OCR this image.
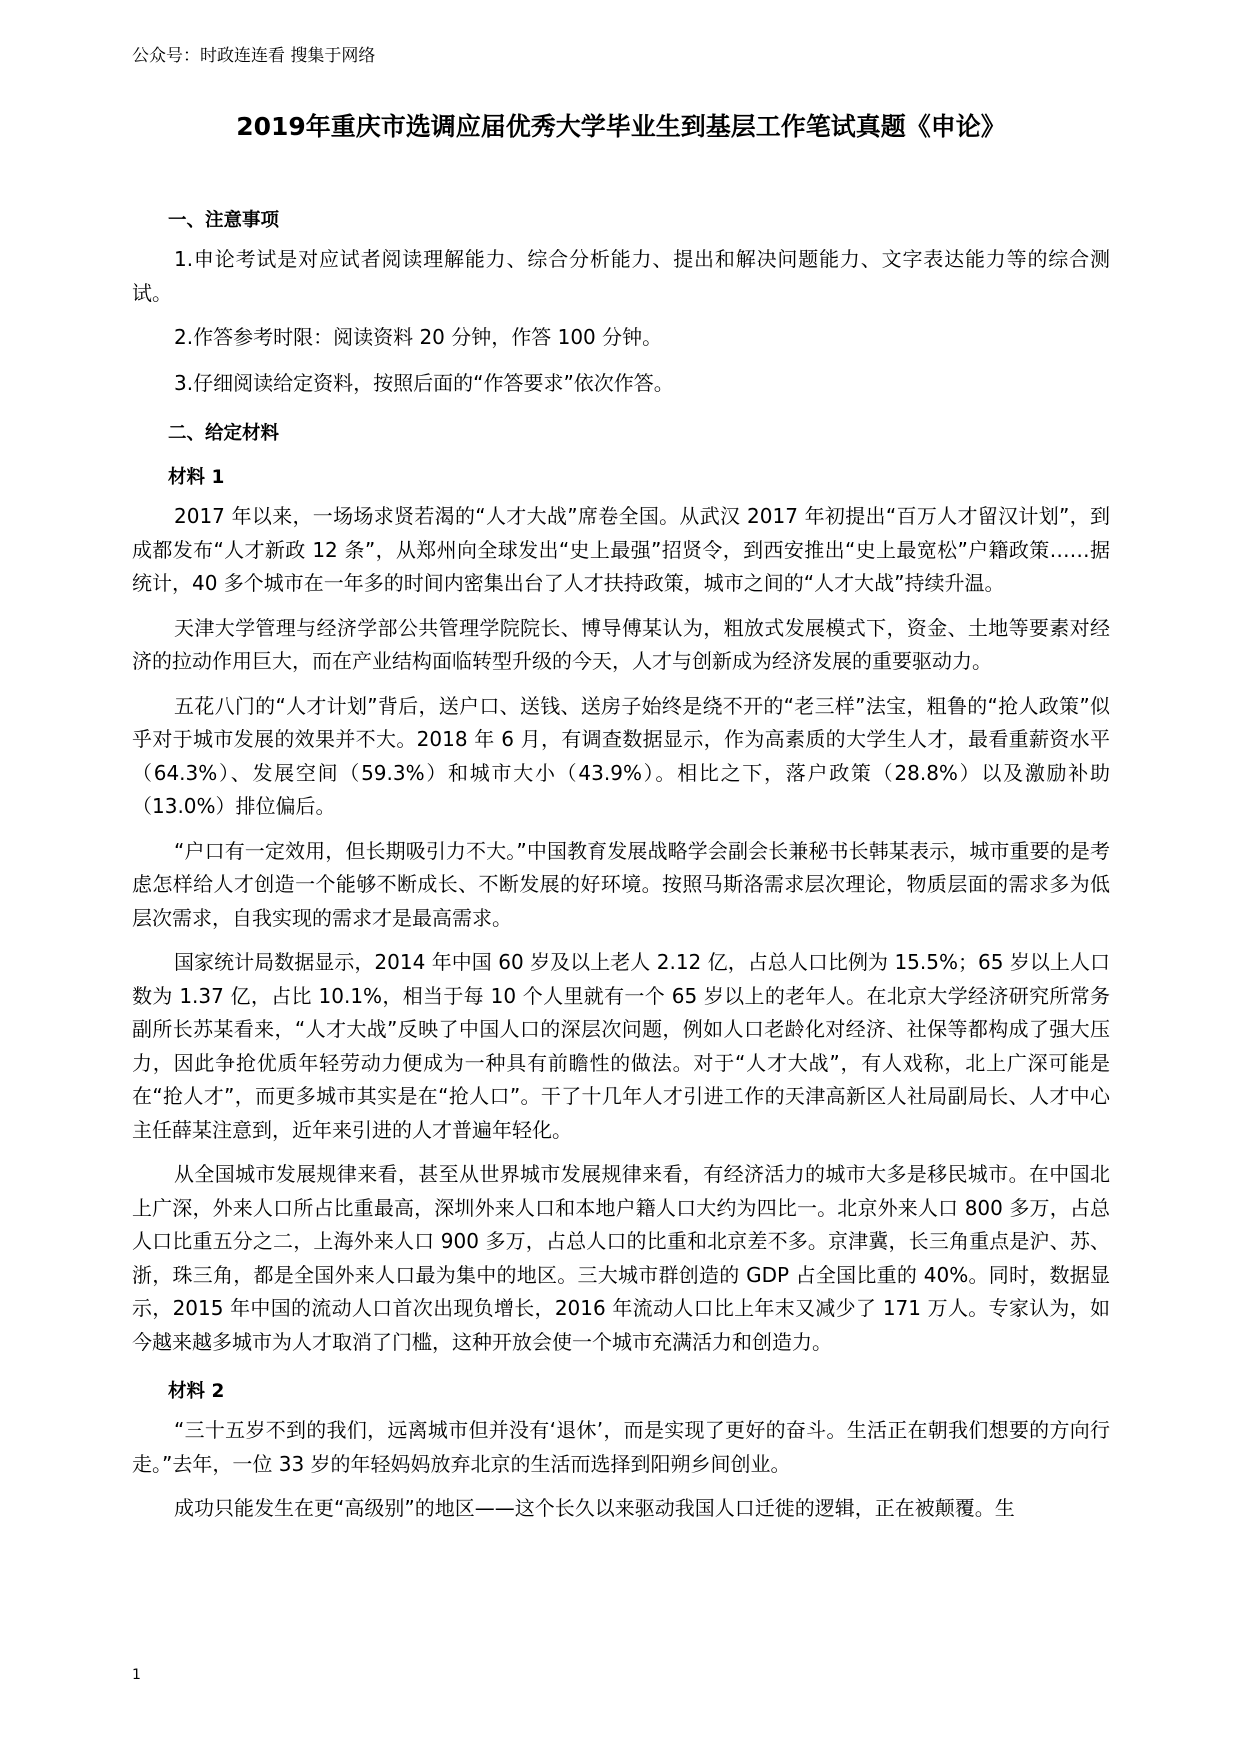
公众号：时政连连看 搜集于网络
2019年重庆市选调应届优秀大学毕业生到基层工作笔试真题《申论》
一、注意事项

1.申论考试是对应试者阅读理解能力、综合分析能力、提出和解决问题能力、文字表达能力等的综合测试。

2.作答参考时限：阅读资料 20 分钟，作答 100 分钟。

3.仔细阅读给定资料，按照后面的“作答要求”依次作答。

二、给定材料
材料 1

2017 年以来，一场场求贤若渴的“人才大战”席卷全国。从武汉 2017 年初提出“百万人才留汉计划”，到成都发布“人才新政 12 条”，从郑州向全球发出“史上最强”招贤令，到西安推出“史上最宽松”户籍政策……据统计，40 多个城市在一年多的时间内密集出台了人才扶持政策，城市之间的“人才大战”持续升温。

天津大学管理与经济学部公共管理学院院长、博导傅某认为，粗放式发展模式下，资金、土地等要素对经济的拉动作用巨大，而在产业结构面临转型升级的今天，人才与创新成为经济发展的重要驱动力。

五花八门的“人才计划”背后，送户口、送钱、送房子始终是绕不开的“老三样”法宝，粗鲁的“抢人政策”似乎对于城市发展的效果并不大。2018 年 6 月，有调查数据显示，作为高素质的大学生人才，最看重薪资水平（64.3%）、发展空间（59.3%）和城市大小（43.9%）。相比之下，落户政策（28.8%）以及激励补助（13.0%）排位偏后。

“户口有一定效用，但长期吸引力不大。”中国教育发展战略学会副会长兼秘书长韩某表示，城市重要的是考虑怎样给人才创造一个能够不断成长、不断发展的好环境。按照马斯洛需求层次理论，物质层面的需求多为低层次需求，自我实现的需求才是最高需求。

国家统计局数据显示，2014 年中国 60 岁及以上老人 2.12 亿，占总人口比例为 15.5%；65 岁以上人口数为 1.37 亿，占比 10.1%，相当于每 10 个人里就有一个 65 岁以上的老年人。在北京大学经济研究所常务副所长苏某看来，“人才大战”反映了中国人口的深层次问题，例如人口老龄化对经济、社保等都构成了强大压力，因此争抢优质年轻劳动力便成为一种具有前瞻性的做法。对于“人才大战”，有人戏称，北上广深可能是在“抢人才”，而更多城市其实是在“抢人口”。干了十几年人才引进工作的天津高新区人社局副局长、人才中心主任薛某注意到，近年来引进的人才普遍年轻化。

从全国城市发展规律来看，甚至从世界城市发展规律来看，有经济活力的城市大多是移民城市。在中国北上广深，外来人口所占比重最高，深圳外来人口和本地户籍人口大约为四比一。北京外来人口 800 多万，占总人口比重五分之二，上海外来人口 900 多万，占总人口的比重和北京差不多。京津冀，长三角重点是沪、苏、浙，珠三角，都是全国外来人口最为集中的地区。三大城市群创造的 GDP 占全国比重的 40%。同时，数据显示，2015 年中国的流动人口首次出现负增长，2016 年流动人口比上年末又减少了 171 万人。专家认为，如今越来越多城市为人才取消了门槛，这种开放会使一个城市充满活力和创造力。

材料 2

“三十五岁不到的我们，远离城市但并没有‘退休’，而是实现了更好的奋斗。生活正在朝我们想要的方向行走。”去年，一位 33 岁的年轻妈妈放弃北京的生活而选择到阳朔乡间创业。

成功只能发生在更“高级别”的地区——这个长久以来驱动我国人口迁徙的逻辑，正在被颠覆。生

1
